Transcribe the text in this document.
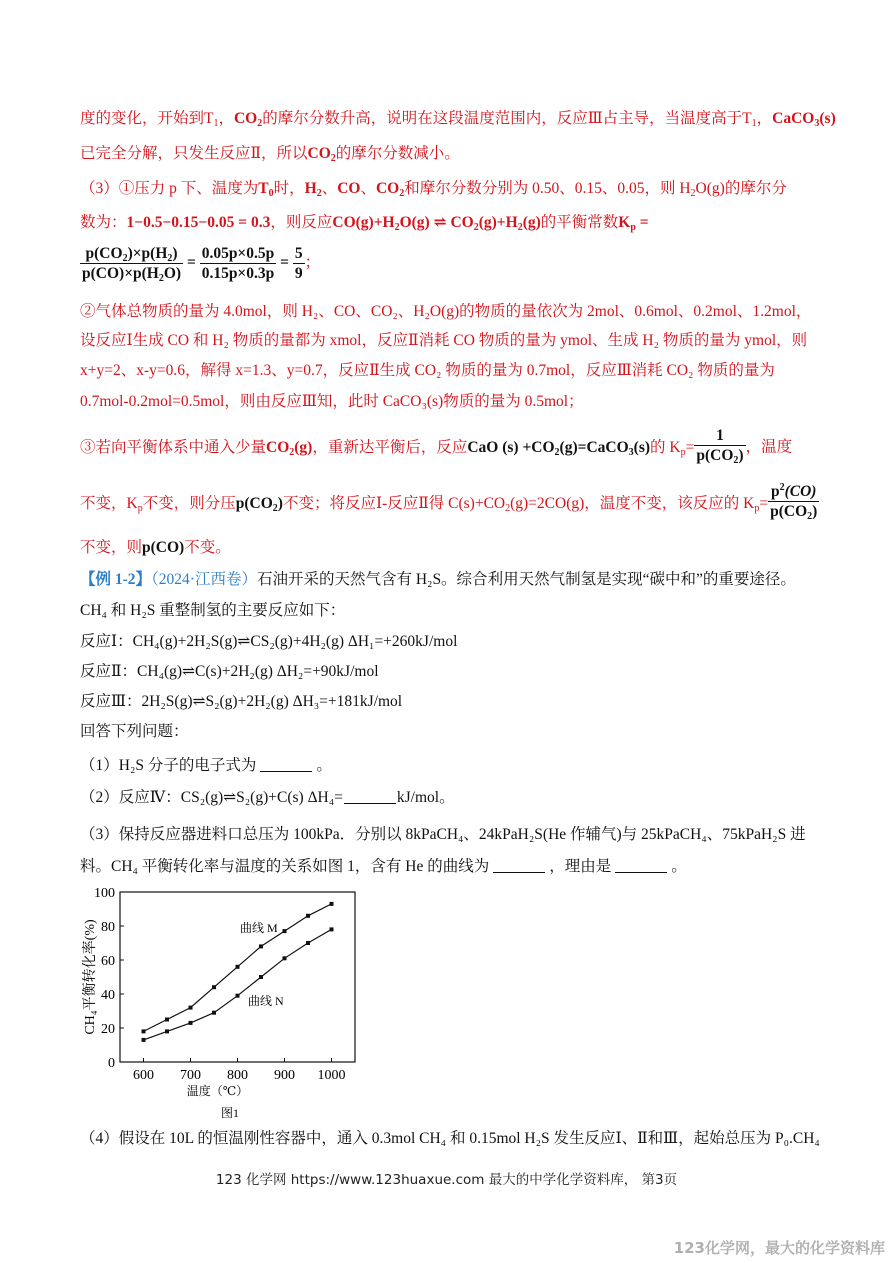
度的变化，开始到$T_1$，$CO_2$的摩尔分数升高，说明在这段温度范围内，反应Ⅲ占主导，当温度高于$T_1$，CaCO$_3$(s)
已完全分解，只发生反应Ⅱ，所以$CO_2$的摩尔分数减小。
（3）①压力 p 下、温度为$T_0$时，$H_2$、CO、$CO_2$和摩尔分数分别为 0.50、0.15、0.05，则 $H_2O(g)$的摩尔分
数为：1−0.5−0.15−0.05 = 0.3，则反应$CO(g)+H_2O(g)$ ⇌ $CO_2(g)+H_2(g)$的平衡常数$K_p$ =
$\frac{p(CO_2)\times p(H_2)}{p(CO)\times p(H_2O)} = \frac{0.05p\times 0.5p}{0.15p\times 0.3p} = \frac{5}{9}$ ；
②气体总物质的量为 4.0mol，则 H₂、CO、CO₂、H₂O(g)的物质的量依次为 2mol、0.6mol、0.2mol、1.2mol，
设反应Ⅰ生成 CO 和 H₂ 物质的量都为 xmol，反应Ⅱ消耗 CO 物质的量为 ymol、生成 H₂ 物质的量为 ymol，则
x+y=2、x-y=0.6，解得 x=1.3、y=0.7，反应Ⅱ生成 CO₂ 物质的量为 0.7mol，反应Ⅲ消耗 CO₂ 物质的量为
0.7mol-0.2mol=0.5mol，则由反应Ⅲ知，此时 CaCO₃(s)物质的量为 0.5mol；
③若向平衡体系中通入少量$CO_2(g)$，重新达平衡后，反应CaO $(s) +CO_2(g)=CaCO_3(s)$的 $K_p= \frac{1}{p(CO_2)}$ ，温度
不变，$K_p$不变，则分压$p(CO_2)$不变；将反应Ⅰ-反应Ⅱ得 $C(s)+CO_2(g)=2CO(g)$，温度不变，该反应的 $K_p= \frac{p^2(CO)}{p(CO_2)}$
不变，则p(CO)不变。
【例 1-2】（2024·江西卷）石油开采的天然气含有 H₂S。综合利用天然气制氢是实现“碳中和”的重要途径。
CH₄ 和 H₂S 重整制氢的主要反应如下：
反应Ⅰ：CH₄(g)+2H₂S(g)⇌CS₂(g)+4H₂(g) ΔH₁=+260kJ/mol
反应Ⅱ：CH₄(g)⇌C(s)+2H₂(g) ΔH₂=+90kJ/mol
反应Ⅲ：2H₂S(g)⇌S₂(g)+2H₂(g) ΔH₃=+181kJ/mol
回答下列问题：
（1）H₂S 分子的电子式为	。
（2）反应Ⅳ：CS₂(g)⇌S₂(g)+C(s) ΔH₄=	kJ/mol。
（3）保持反应器进料口总压为 100kPa．分别以 8kPaCH₄、24kPaH₂S(He 作辅气)与 25kPaCH₄、75kPaH₂S 进
料。CH₄ 平衡转化率与温度的关系如图 1，含有 He 的曲线为	，理由是	。
600 700 800 900 1000
0
20
40
60
80
100
温度（℃）
CH₄平衡转化率(%)
图1
曲线 M
曲线 N
（4）假设在 10L 的恒温刚性容器中，通入 0.3mol CH₄ 和 0.15mol H₂S 发生反应Ⅰ、Ⅱ和Ⅲ，起始总压为 P₀.CH₄
123 化学网 https://www.123huaxue.com 最大的中学化学资料库， 第3页
123化学网，最大的化学资料库
